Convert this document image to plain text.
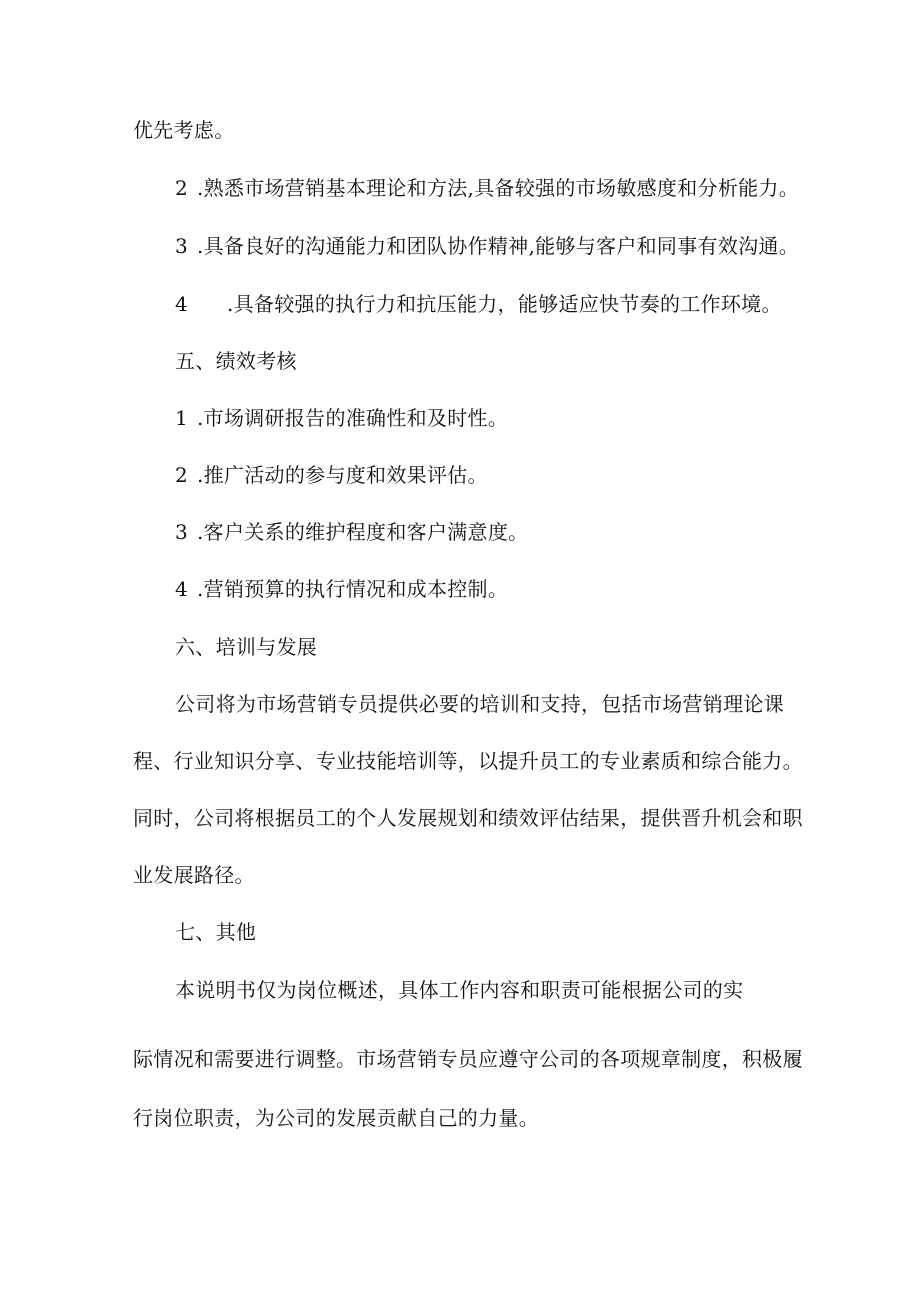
优先考虑。
2 .熟悉市场营销基本理论和方法,具备较强的市场敏感度和分析能力。
3 .具备良好的沟通能力和团队协作精神,能够与客户和同事有效沟通。
4 .具备较强的执行力和抗压能力，能够适应快节奏的工作环境。
五、绩效考核
1 .市场调研报告的准确性和及时性。
2 .推广活动的参与度和效果评估。
3 .客户关系的维护程度和客户满意度。
4 .营销预算的执行情况和成本控制。
六、培训与发展
公司将为市场营销专员提供必要的培训和支持，包括市场营销理论课
程、行业知识分享、专业技能培训等，以提升员工的专业素质和综合能力。
同时，公司将根据员工的个人发展规划和绩效评估结果，提供晋升机会和职
业发展路径。
七、其他
本说明书仅为岗位概述，具体工作内容和职责可能根据公司的实
际情况和需要进行调整。市场营销专员应遵守公司的各项规章制度，积极履
行岗位职责，为公司的发展贡献自己的力量。
